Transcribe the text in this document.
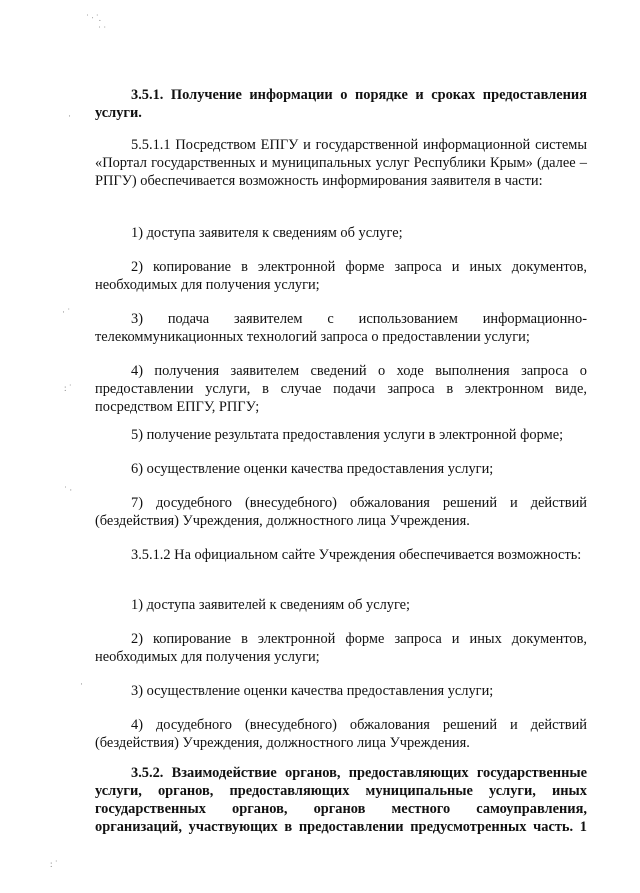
˙ ᐧ ˙.
˙ ˙
·
· ˙
: ˙
˙ ·
·
: ˙
3.5.1. Получение информации о порядке и сроках предоставления услуги.
5.5.1.1 Посредством ЕПГУ и государственной информационной системы «Портал государственных и муниципальных услуг Республики Крым» (далее – РПГУ) обеспечивается возможность информирования заявителя в части:
1) доступа заявителя к сведениям об услуге;
2) копирование в электронной форме запроса и иных документов, необходимых для получения услуги;
3) подача заявителем с использованием информационно-телекоммуникационных технологий запроса о предоставлении услуги;
4) получения заявителем сведений о ходе выполнения запроса о предоставлении услуги, в случае подачи запроса в электронном виде, посредством ЕПГУ, РПГУ;
5) получение результата предоставления услуги в электронной форме;
6) осуществление оценки качества предоставления услуги;
7) досудебного (внесудебного) обжалования решений и действий (бездействия) Учреждения, должностного лица Учреждения.
3.5.1.2 На официальном сайте Учреждения обеспечивается возможность:
1) доступа заявителей к сведениям об услуге;
2) копирование в электронной форме запроса и иных документов, необходимых для получения услуги;
3) осуществление оценки качества предоставления услуги;
4) досудебного (внесудебного) обжалования решений и действий (бездействия) Учреждения, должностного лица Учреждения.
3.5.2. Взаимодействие органов, предоставляющих государственные услуги, органов, предоставляющих муниципальные услуги, иных государственных органов, органов местного самоуправления, организаций, участвующих в предоставлении предусмотренных часть. 1
